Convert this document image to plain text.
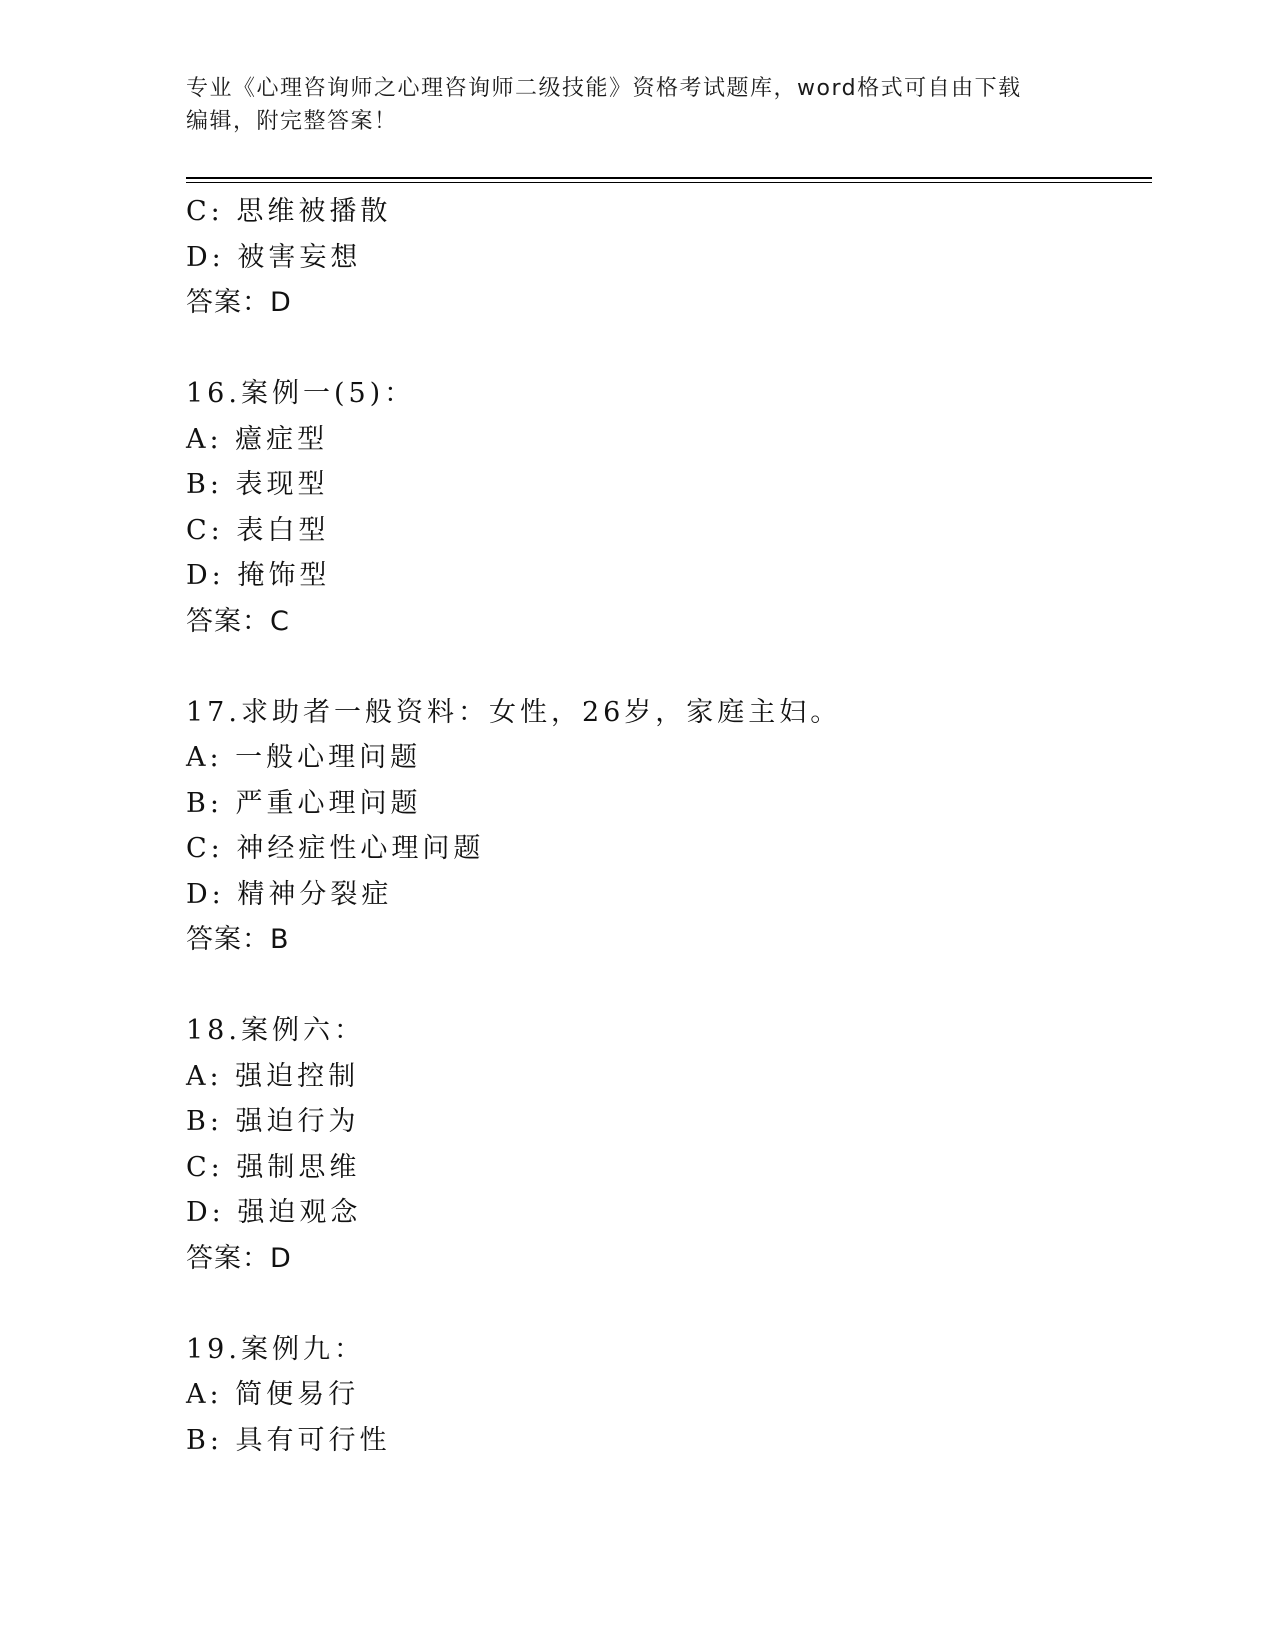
专业《心理咨询师之心理咨询师二级技能》资格考试题库，word格式可自由下载
编辑，附完整答案！
C: 思维被播散
D: 被害妄想
答案：D
16.案例一(5)：
A: 癔症型
B: 表现型
C: 表白型
D: 掩饰型
答案：C
17.求助者一般资料：女性，26岁，家庭主妇。
A: 一般心理问题
B: 严重心理问题
C: 神经症性心理问题
D: 精神分裂症
答案：B
18.案例六：
A: 强迫控制
B: 强迫行为
C: 强制思维
D: 强迫观念
答案：D
19.案例九：
A: 简便易行
B: 具有可行性
